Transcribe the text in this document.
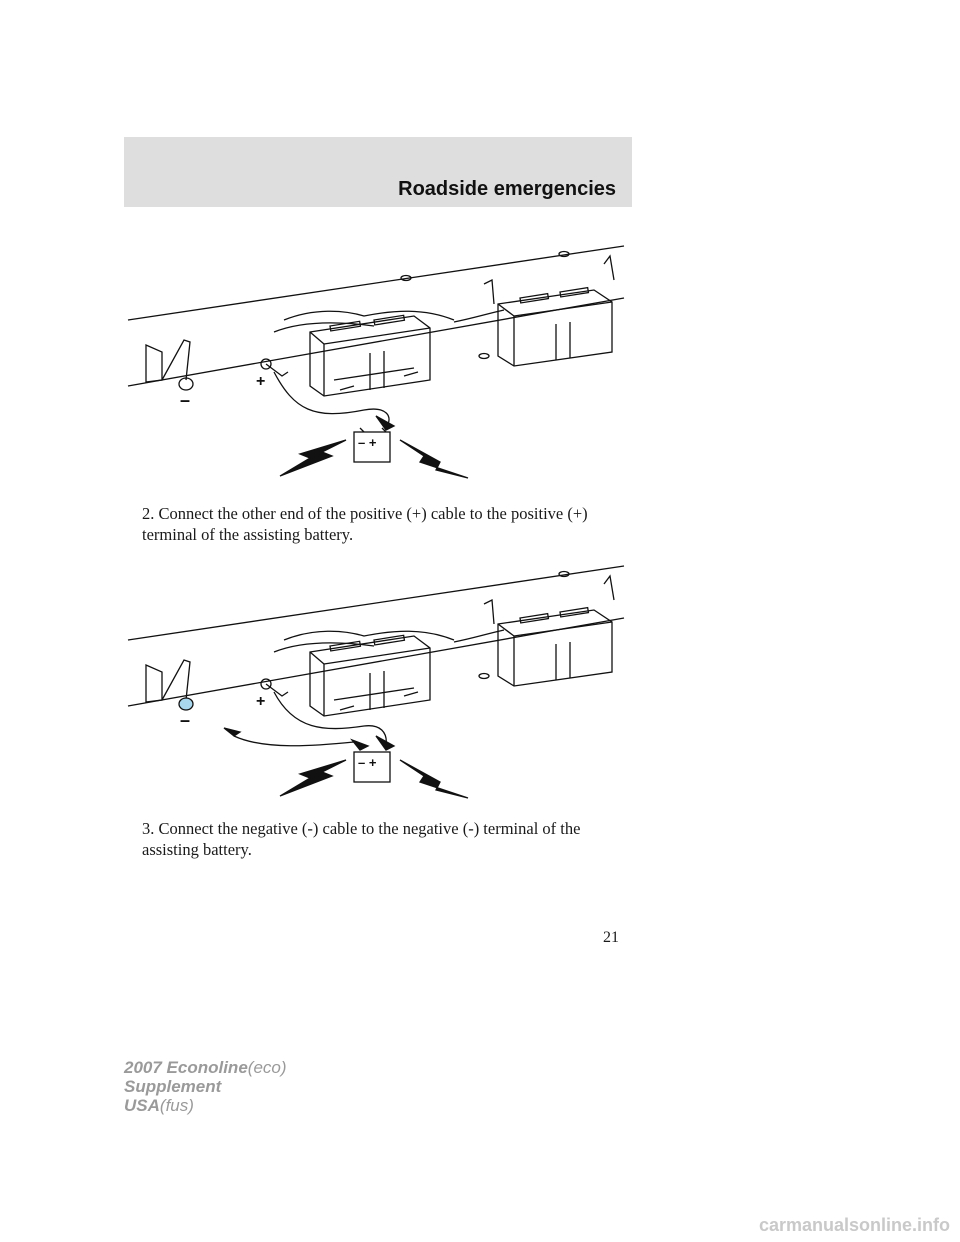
Roadside emergencies
–
+
– +

2. Connect the other end of the positive (+) cable to the positive (+) terminal of the assisting battery.

–
+
– +

3. Connect the negative (-) cable to the negative (-) terminal of the assisting battery.

21
2007 Econoline(eco)
Supplement
USA(fus)
carmanualsonline.info
